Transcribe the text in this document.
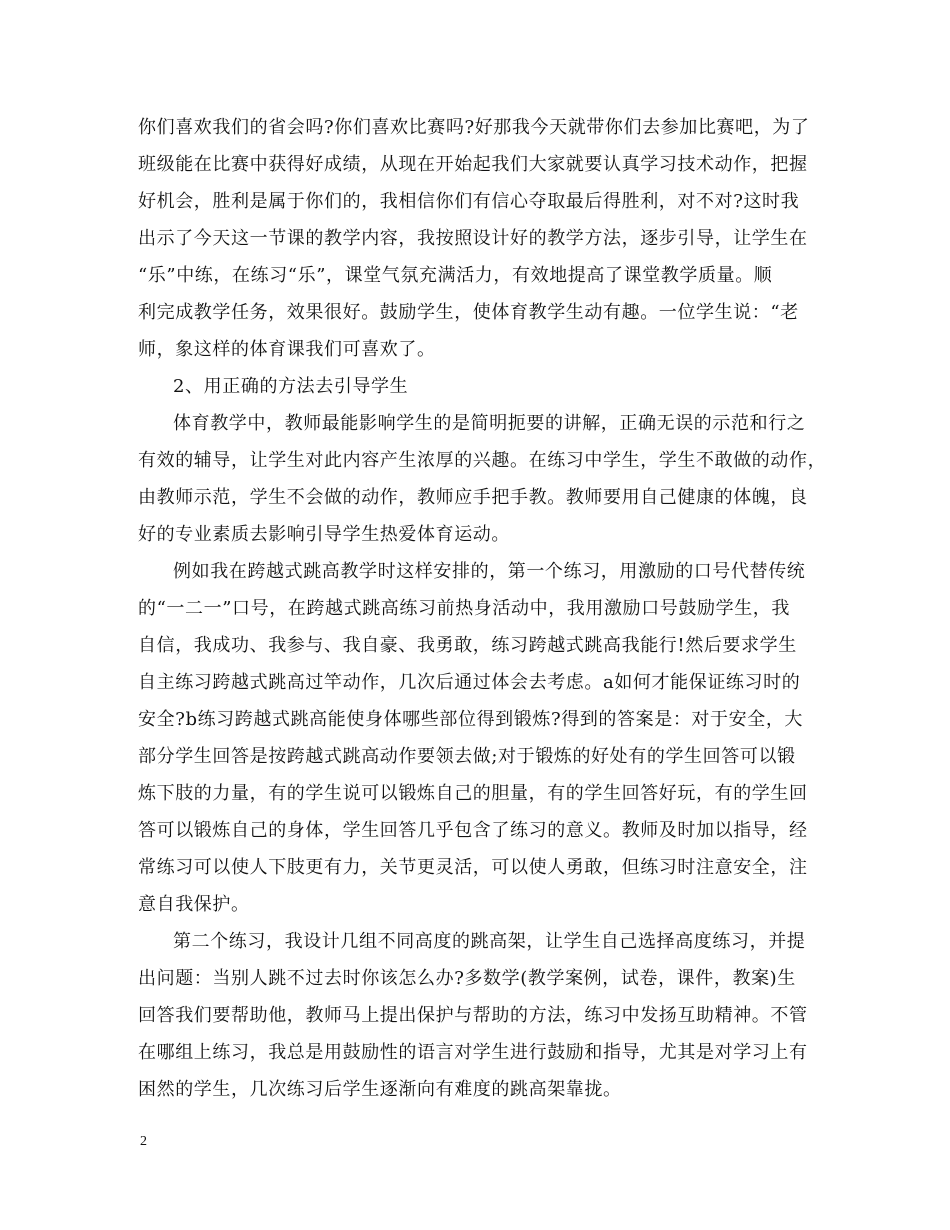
你们喜欢我们的省会吗?你们喜欢比赛吗?好那我今天就带你们去参加比赛吧，为了
班级能在比赛中获得好成绩，从现在开始起我们大家就要认真学习技术动作，把握
好机会，胜利是属于你们的，我相信你们有信心夺取最后得胜利，对不对?这时我
出示了今天这一节课的教学内容，我按照设计好的教学方法，逐步引导，让学生在
“乐”中练，在练习“乐”，课堂气氛充满活力，有效地提高了课堂教学质量。顺
利完成教学任务，效果很好。鼓励学生，使体育教学生动有趣。一位学生说：“老
师，象这样的体育课我们可喜欢了。
2、用正确的方法去引导学生
体育教学中，教师最能影响学生的是简明扼要的讲解，正确无误的示范和行之
有效的辅导，让学生对此内容产生浓厚的兴趣。在练习中学生，学生不敢做的动作，
由教师示范，学生不会做的动作，教师应手把手教。教师要用自己健康的体魄，良
好的专业素质去影响引导学生热爱体育运动。
例如我在跨越式跳高教学时这样安排的，第一个练习，用激励的口号代替传统
的“一二一”口号，在跨越式跳高练习前热身活动中，我用激励口号鼓励学生，我
自信，我成功、我参与、我自豪、我勇敢，练习跨越式跳高我能行!然后要求学生
自主练习跨越式跳高过竿动作，几次后通过体会去考虑。a如何才能保证练习时的
安全?b练习跨越式跳高能使身体哪些部位得到锻炼?得到的答案是：对于安全，大
部分学生回答是按跨越式跳高动作要领去做;对于锻炼的好处有的学生回答可以锻
炼下肢的力量，有的学生说可以锻炼自己的胆量，有的学生回答好玩，有的学生回
答可以锻炼自己的身体，学生回答几乎包含了练习的意义。教师及时加以指导，经
常练习可以使人下肢更有力，关节更灵活，可以使人勇敢，但练习时注意安全，注
意自我保护。
第二个练习，我设计几组不同高度的跳高架，让学生自己选择高度练习，并提
出问题：当别人跳不过去时你该怎么办?多数学(教学案例，试卷，课件，教案)生
回答我们要帮助他，教师马上提出保护与帮助的方法，练习中发扬互助精神。不管
在哪组上练习，我总是用鼓励性的语言对学生进行鼓励和指导，尤其是对学习上有
困然的学生，几次练习后学生逐渐向有难度的跳高架靠拢。
2
